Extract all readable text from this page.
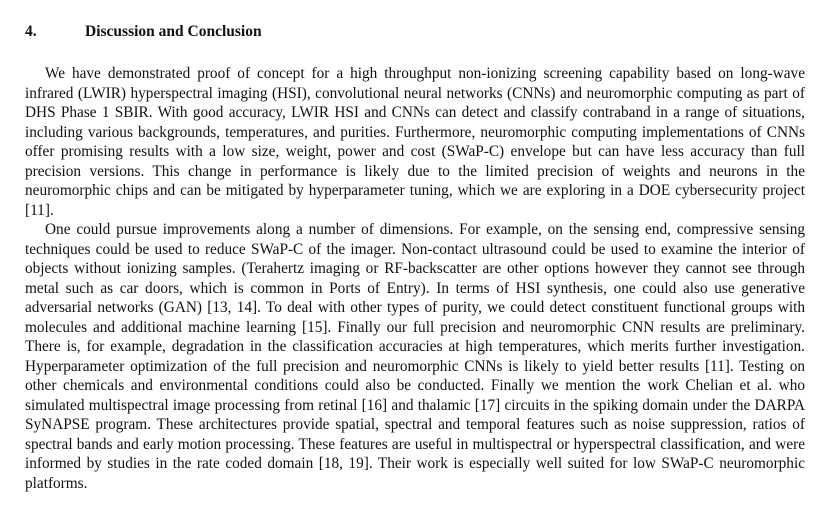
4.	Discussion and Conclusion

We have demonstrated proof of concept for a high throughput non-ionizing screening capability based on long-wave infrared (LWIR) hyperspectral imaging (HSI), convolutional neural networks (CNNs) and neuromorphic computing as part of DHS Phase 1 SBIR. With good accuracy, LWIR HSI and CNNs can detect and classify contraband in a range of situations, including various backgrounds, temperatures, and purities. Furthermore, neuromorphic computing implementations of CNNs offer promising results with a low size, weight, power and cost (SWaP-C) envelope but can have less accuracy than full precision versions. This change in performance is likely due to the limited precision of weights and neurons in the neuromorphic chips and can be mitigated by hyperparameter tuning, which we are exploring in a DOE cybersecurity project [11].

One could pursue improvements along a number of dimensions. For example, on the sensing end, compressive sensing techniques could be used to reduce SWaP-C of the imager. Non-contact ultrasound could be used to examine the interior of objects without ionizing samples. (Terahertz imaging or RF-backscatter are other options however they cannot see through metal such as car doors, which is common in Ports of Entry). In terms of HSI synthesis, one could also use generative adversarial networks (GAN) [13, 14]. To deal with other types of purity, we could detect constituent functional groups with molecules and additional machine learning [15]. Finally our full precision and neuromorphic CNN results are preliminary. There is, for example, degradation in the classification accuracies at high temperatures, which merits further investigation. Hyperparameter optimization of the full precision and neuromorphic CNNs is likely to yield better results [11]. Testing on other chemicals and environmental conditions could also be conducted. Finally we mention the work Chelian et al. who simulated multispectral image processing from retinal [16] and thalamic [17] circuits in the spiking domain under the DARPA SyNAPSE program. These architectures provide spatial, spectral and temporal features such as noise suppression, ratios of spectral bands and early motion processing. These features are useful in multispectral or hyperspectral classification, and were informed by studies in the rate coded domain [18, 19]. Their work is especially well suited for low SWaP-C neuromorphic platforms.
